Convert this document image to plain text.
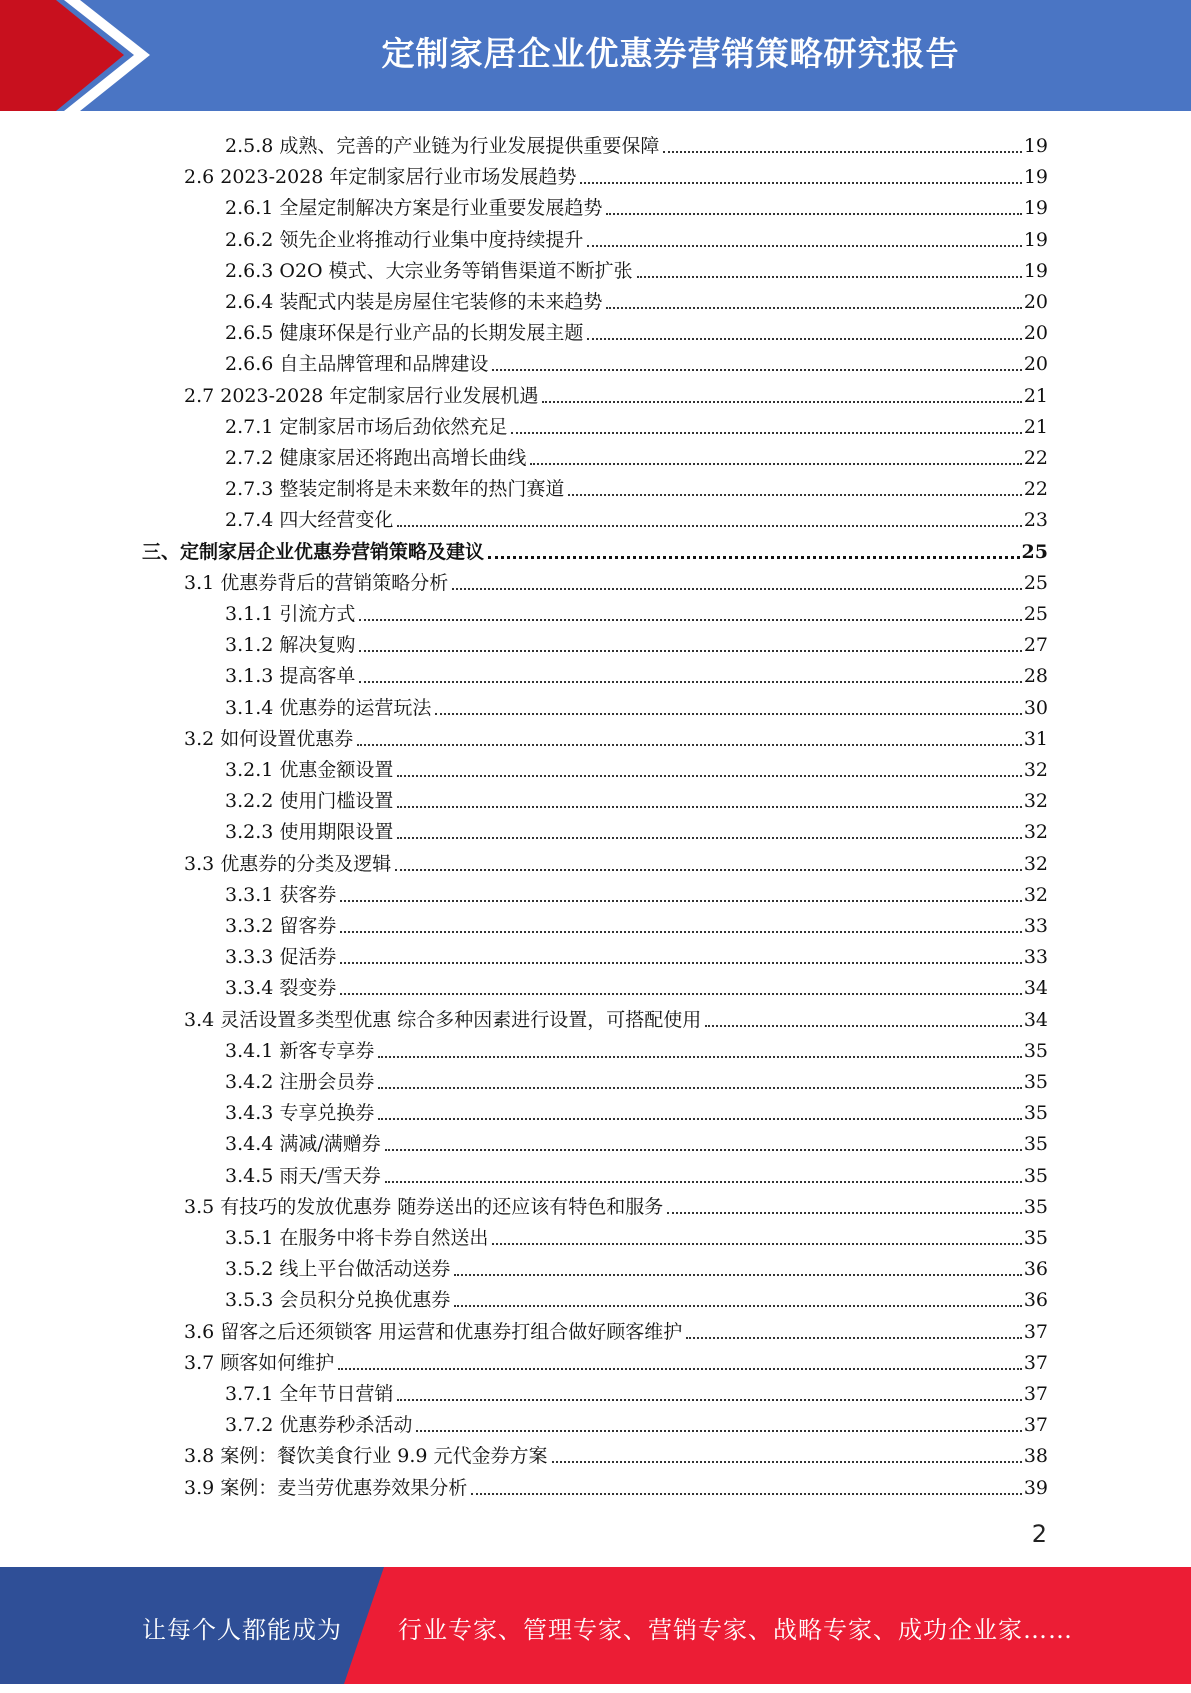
定制家居企业优惠券营销策略研究报告
2.5.8 成熟、完善的产业链为行业发展提供重要保障	19
2.6 2023-2028 年定制家居行业市场发展趋势	19
2.6.1 全屋定制解决方案是行业重要发展趋势	19
2.6.2 领先企业将推动行业集中度持续提升	19
2.6.3 O2O 模式、大宗业务等销售渠道不断扩张	19
2.6.4 装配式内装是房屋住宅装修的未来趋势	20
2.6.5 健康环保是行业产品的长期发展主题	20
2.6.6 自主品牌管理和品牌建设	20
2.7 2023-2028 年定制家居行业发展机遇	21
2.7.1 定制家居市场后劲依然充足	21
2.7.2 健康家居还将跑出高增长曲线	22
2.7.3 整装定制将是未来数年的热门赛道	22
2.7.4 四大经营变化	23
三、定制家居企业优惠券营销策略及建议	25
3.1 优惠券背后的营销策略分析	25
3.1.1 引流方式	25
3.1.2 解决复购	27
3.1.3 提高客单	28
3.1.4 优惠券的运营玩法	30
3.2 如何设置优惠券	31
3.2.1 优惠金额设置	32
3.2.2 使用门槛设置	32
3.2.3 使用期限设置	32
3.3 优惠券的分类及逻辑	32
3.3.1 获客券	32
3.3.2 留客券	33
3.3.3 促活券	33
3.3.4 裂变券	34
3.4 灵活设置多类型优惠 综合多种因素进行设置，可搭配使用	34
3.4.1 新客专享券	35
3.4.2 注册会员券	35
3.4.3 专享兑换券	35
3.4.4 满减/满赠券	35
3.4.5 雨天/雪天券	35
3.5 有技巧的发放优惠券 随券送出的还应该有特色和服务	35
3.5.1 在服务中将卡券自然送出	35
3.5.2 线上平台做活动送券	36
3.5.3 会员积分兑换优惠券	36
3.6 留客之后还须锁客 用运营和优惠券打组合做好顾客维护	37
3.7 顾客如何维护	37
3.7.1 全年节日营销	37
3.7.2 优惠券秒杀活动	37
3.8 案例：餐饮美食行业 9.9 元代金券方案	38
3.9 案例：麦当劳优惠券效果分析	39
2
让每个人都能成为 行业专家、管理专家、营销专家、战略专家、成功企业家……
